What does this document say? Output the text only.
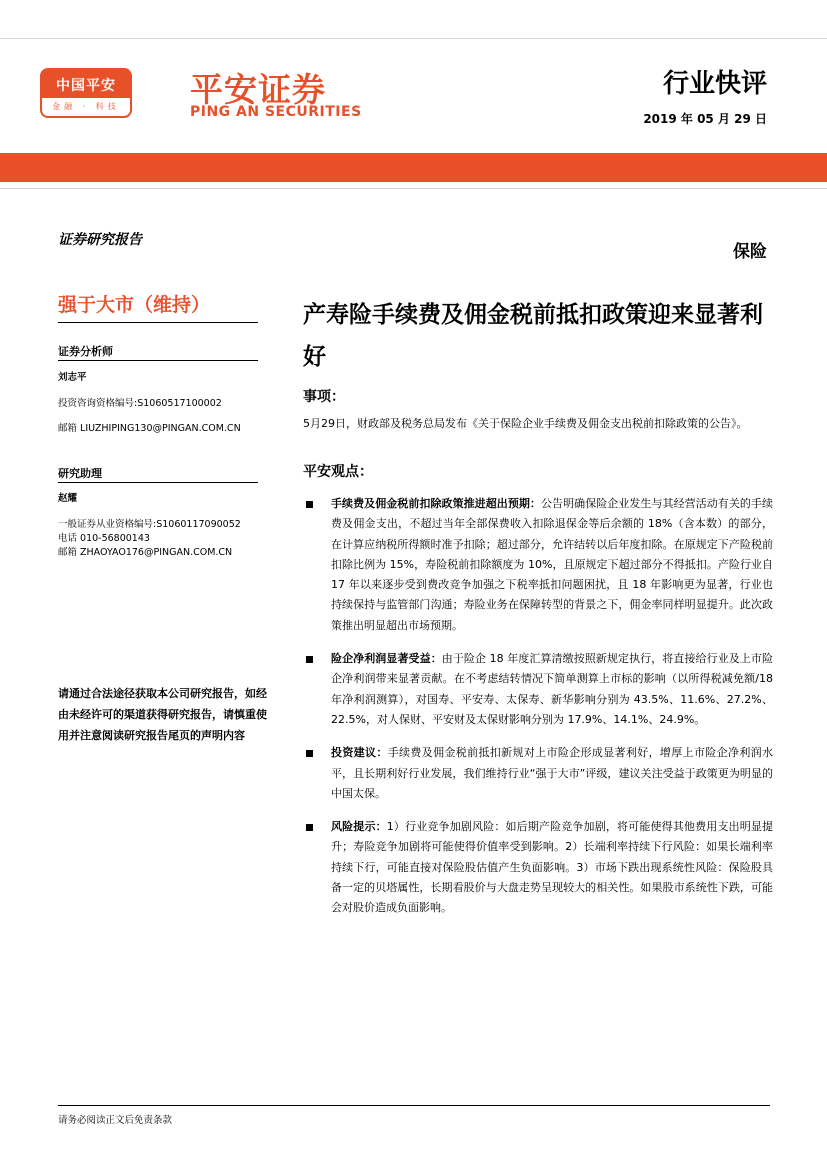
中国平安
金融 · 科技	平安证券
PING AN SECURITIES
行业快评
2019 年 05 月 29 日
证券研究报告
强于大市（维持）
证券分析师
刘志平
投资咨询资格编号:S1060517100002
邮箱 LIUZHIPING130@PINGAN.COM.CN
研究助理
赵耀
一般证券从业资格编号:S1060117090052
电话 010-56800143
邮箱 ZHAOYAO176@PINGAN.COM.CN
请通过合法途径获取本公司研究报告，如经由未经许可的渠道获得研究报告，请慎重使用并注意阅读研究报告尾页的声明内容
保险
产寿险手续费及佣金税前抵扣政策迎来显著利好
事项：
5月29日，财政部及税务总局发布《关于保险企业手续费及佣金支出税前扣除政策的公告》。
平安观点：
手续费及佣金税前扣除政策推进超出预期：公告明确保险企业发生与其经营活动有关的手续费及佣金支出，不超过当年全部保费收入扣除退保金等后余额的 18%（含本数）的部分，在计算应纳税所得额时准予扣除；超过部分，允许结转以后年度扣除。在原规定下产险税前扣除比例为 15%，寿险税前扣除额度为 10%，且原规定下超过部分不得抵扣。产险行业自 17 年以来逐步受到费改竞争加强之下税率抵扣问题困扰，且 18 年影响更为显著，行业也持续保持与监管部门沟通；寿险业务在保障转型的背景之下，佣金率同样明显提升。此次政策推出明显超出市场预期。
险企净利润显著受益：由于险企 18 年度汇算清缴按照新规定执行，将直接给行业及上市险企净利润带来显著贡献。在不考虑结转情况下简单测算上市标的影响（以所得税减免额/18年净利润测算），对国寿、平安寿、太保寿、新华影响分别为 43.5%、11.6%、27.2%、22.5%，对人保财、平安财及太保财影响分别为 17.9%、14.1%、24.9%。
投资建议：手续费及佣金税前抵扣新规对上市险企形成显著利好，增厚上市险企净利润水平，且长期利好行业发展，我们维持行业“强于大市”评级，建议关注受益于政策更为明显的中国太保。
风险提示：1）行业竞争加剧风险：如后期产险竞争加剧，将可能使得其他费用支出明显提升；寿险竞争加剧将可能使得价值率受到影响。2）长端利率持续下行风险：如果长端利率持续下行，可能直接对保险股估值产生负面影响。3）市场下跌出现系统性风险：保险股具备一定的贝塔属性，长期看股价与大盘走势呈现较大的相关性。如果股市系统性下跌，可能会对股价造成负面影响。
请务必阅读正文后免责条款
